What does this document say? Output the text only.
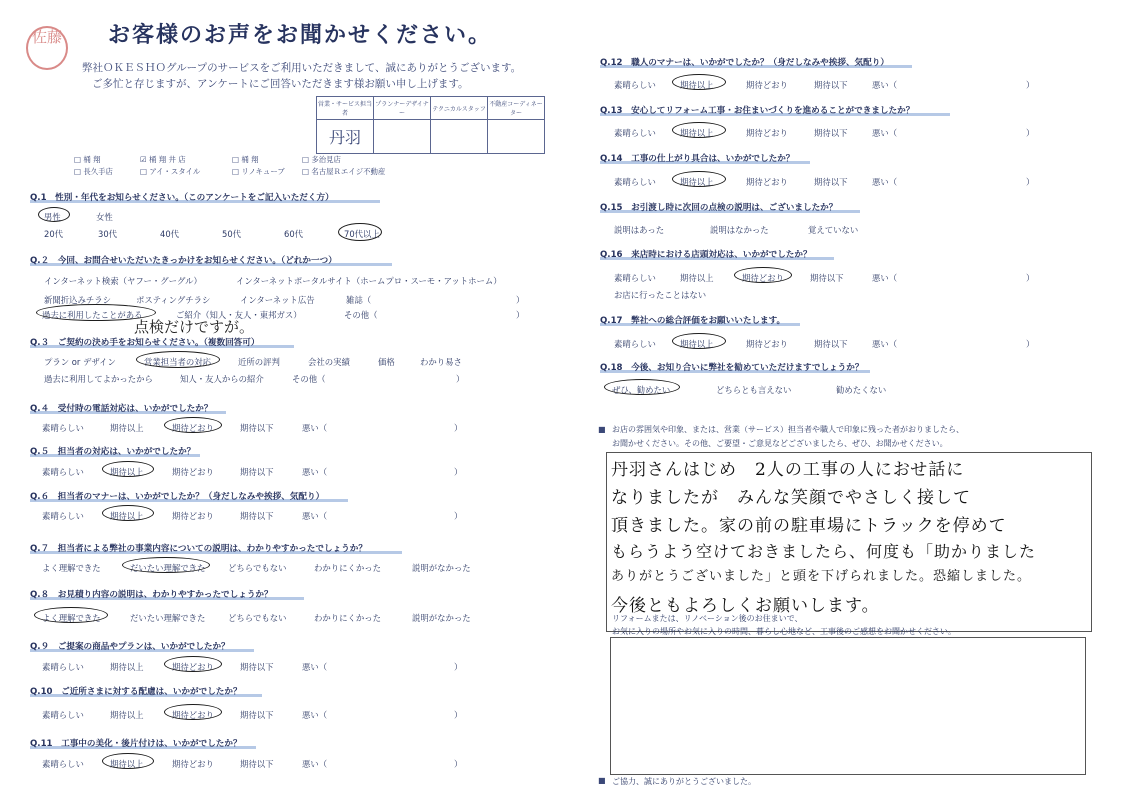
佐藤 お客様のお声をお聞かせください。
弊社ＯＫＥＳＨＯグループのサービスをご利用いただきまして、誠にありがとうございます。
ご多忙と存じますが、アンケートにご回答いただきます様お願い申し上げます。
営業・サービス担当者	プランナーデザイナー	テクニカルスタッフ	不動産コーディネーター
丹羽			
□ 桶 翔	☑ 桶 翔 井 店	□ 桶 翔	□ 多治見店
□ 長久手店	□ アイ・スタイル	□ リノキューブ □ 名古屋Ｒエイジ不動産
Q.1　性別・年代をお知らせください。（このアンケートをご記入いただく方）
男性	女性
20代	30代	40代	50代	60代	70代以上
Q.２　今回、お問合せいただいたきっかけをお知らせください。（どれか一つ）
インターネット検索（ヤフー・グーグル）	インターネットポータルサイト（ホームプロ・スーモ・アットホーム）
新聞折込みチラシ	ポスティングチラシ	インターネット広告	雑誌（	）
過去に利用したことがある	ご紹介（知人・友人・東邦ガス）	その他（	）
点検だけですが。
Q.３　ご契約の決め手をお知らせください。（複数回答可）
プラン or デザイン	営業担当者の対応	近所の評判	会社の実績	価格	わかり易さ
過去に利用してよかったから	知人・友人からの紹介	その他（	）
Q.４　受付時の電話対応は、いかがでしたか？
素晴らしい	期待以上	期待どおり	期待以下	悪い（	）
Q.５　担当者の対応は、いかがでしたか？
素晴らしい	期待以上	期待どおり	期待以下	悪い（	）
Q.６　担当者のマナーは、いかがでしたか？（身だしなみや挨拶、気配り）
素晴らしい	期待以上	期待どおり	期待以下	悪い（	）
Q.７　担当者による弊社の事業内容についての説明は、わかりやすかったでしょうか？
よく理解できた	だいたい理解できた	どちらでもない	わかりにくかった	説明がなかった
Q.８　お見積り内容の説明は、わかりやすかったでしょうか？
よく理解できた	だいたい理解できた	どちらでもない	わかりにくかった	説明がなかった
Q.９　ご提案の商品やプランは、いかがでしたか？
素晴らしい	期待以上	期待どおり	期待以下	悪い（	）
Q.10　ご近所さまに対する配慮は、いかがでしたか？
素晴らしい	期待以上	期待どおり	期待以下	悪い（	）
Q.11　工事中の美化・後片付けは、いかがでしたか？
素晴らしい	期待以上	期待どおり	期待以下	悪い（	）
Q.12　職人のマナーは、いかがでしたか？（身だしなみや挨拶、気配り）
素晴らしい	期待以上	期待どおり	期待以下	悪い（	）
Q.13　安心してリフォーム工事・お住まいづくりを進めることができましたか？
素晴らしい	期待以上	期待どおり	期待以下	悪い（	）
Q.14　工事の仕上がり具合は、いかがでしたか？
素晴らしい	期待以上	期待どおり	期待以下	悪い（	）
Q.15　お引渡し時に次回の点検の説明は、ございましたか？
説明はあった	説明はなかった	覚えていない
Q.16　来店時における店頭対応は、いかがでしたか？
素晴らしい	期待以上	期待どおり	期待以下	悪い（	）
お店に行ったことはない
Q.17　弊社への総合評価をお願いいたします。
素晴らしい	期待以上	期待どおり	期待以下	悪い（	）
Q.18　今後、お知り合いに弊社を勧めていただけますでしょうか？
ぜひ、勧めたい	どちらとも言えない	勧めたくない
■ お店の雰囲気や印象、または、営業（サービス）担当者や職人で印象に残った者がおりましたら、
お聞かせください。その他、ご要望・ご意見などございましたら、ぜひ、お聞かせください。
丹羽さんはじめ　2人の工事の人におせ話に
なりましたが　みんな笑顔でやさしく接して
頂きました。家の前の駐車場にトラックを停めて
もらうよう空けておきましたら、何度も「助かりました
ありがとうございました」と頭を下げられました。恐縮しました。
今後ともよろしくお願いします。
リフォームまたは、リノベーション後のお住まいで、
お気に入りの場所やお気に入りの時間、暮らし心地など、工事後のご感想をお聞かせください。
■ ご協力、誠にありがとうございました。
